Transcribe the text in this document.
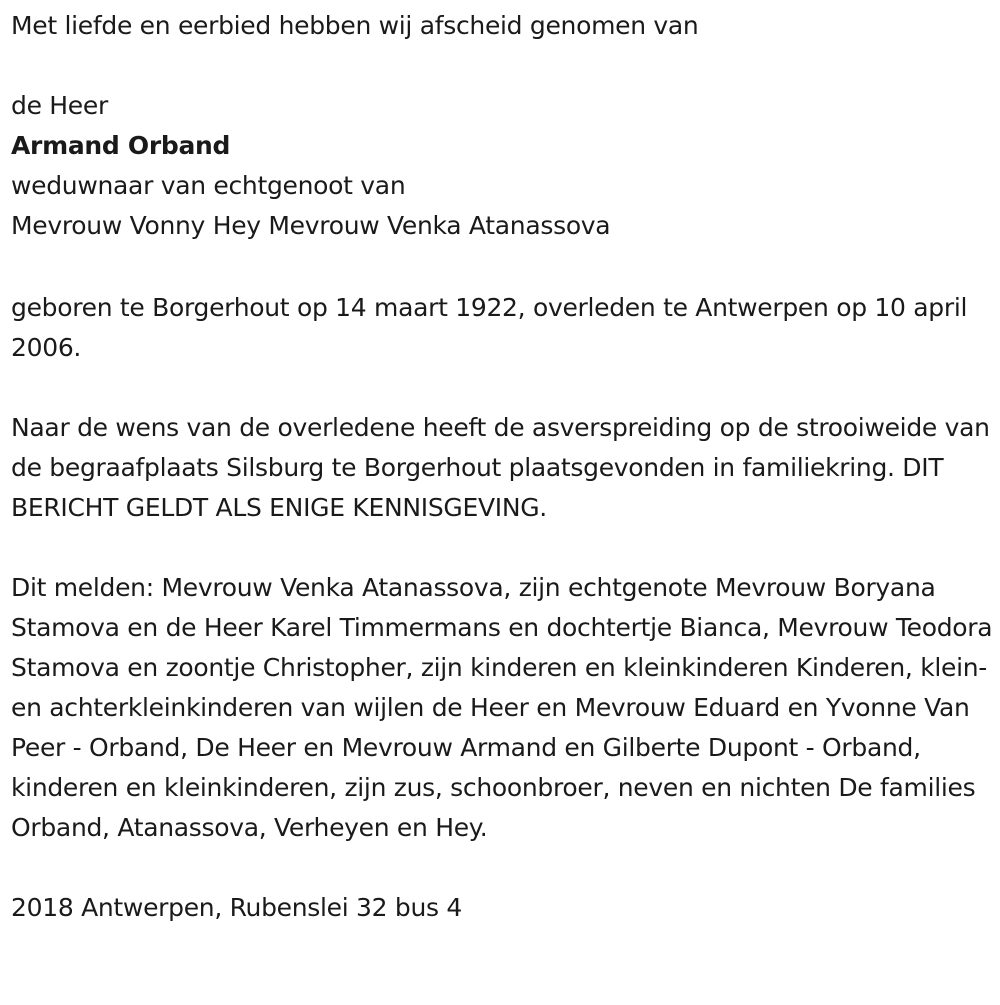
Met liefde en eerbied hebben wij afscheid genomen van
de Heer
Armand Orband
weduwnaar van echtgenoot van
Mevrouw Vonny Hey Mevrouw Venka Atanassova

geboren te Borgerhout op 14 maart 1922, overleden te Antwerpen op 10 april 2006.

Naar de wens van de overledene heeft de asverspreiding op de strooiweide van de begraafplaats Silsburg te Borgerhout plaatsgevonden in familiekring. DIT BERICHT GELDT ALS ENIGE KENNISGEVING.

Dit melden: Mevrouw Venka Atanassova, zijn echtgenote Mevrouw Boryana Stamova en de Heer Karel Timmermans en dochtertje Bianca, Mevrouw Teodora Stamova en zoontje Christopher, zijn kinderen en kleinkinderen Kinderen, klein- en achterkleinkinderen van wijlen de Heer en Mevrouw Eduard en Yvonne Van Peer - Orband, De Heer en Mevrouw Armand en Gilberte Dupont - Orband, kinderen en kleinkinderen, zijn zus, schoonbroer, neven en nichten De families Orband, Atanassova, Verheyen en Hey.

2018 Antwerpen, Rubenslei 32 bus 4
